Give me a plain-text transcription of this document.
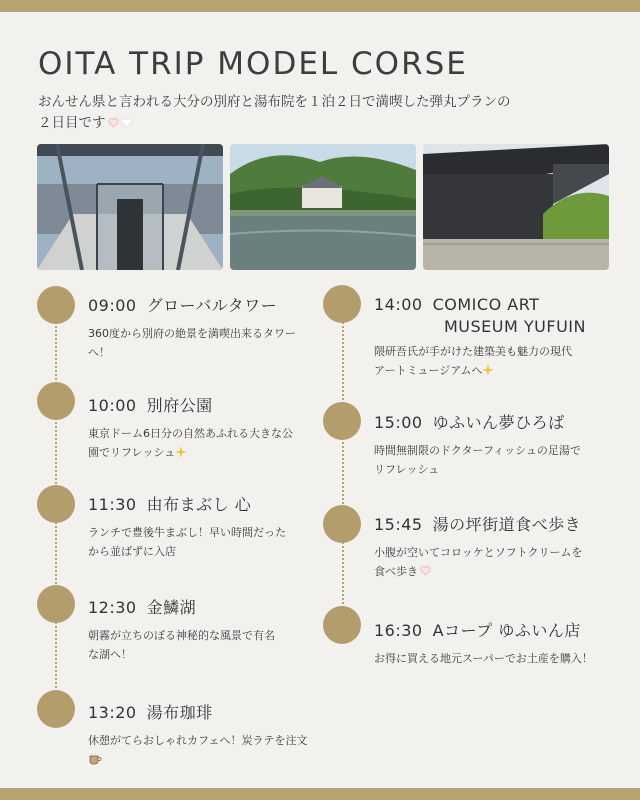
OITA TRIP MODEL CORSE
おんせん県と言われる大分の別府と湯布院を１泊２日で満喫した弾丸プランの
２日目です
09:00 グローバルタワー
360度から別府の絶景を満喫出来るタワー
へ！
10:00 別府公園
東京ドーム6日分の自然あふれる大きな公
園でリフレッシュ
11:30 由布まぶし 心
ランチで豊後牛まぶし！早い時間だった
から並ばずに入店
12:30 金鱗湖
朝霧が立ちのぼる神秘的な風景で有名
な湖へ！
13:20 湯布珈琲
休憩がてらおしゃれカフェへ！炭ラテを注文
14:00 COMICO ART
MUSEUM YUFUIN
隈研吾氏が手がけた建築美も魅力の現代
アートミュージアムへ
15:00 ゆふいん夢ひろば
時間無制限のドクターフィッシュの足湯で
リフレッシュ
15:45 湯の坪街道食べ歩き
小腹が空いてコロッケとソフトクリームを
食べ歩き
16:30 Aコープ ゆふいん店
お得に買える地元スーパーでお土産を購入！
